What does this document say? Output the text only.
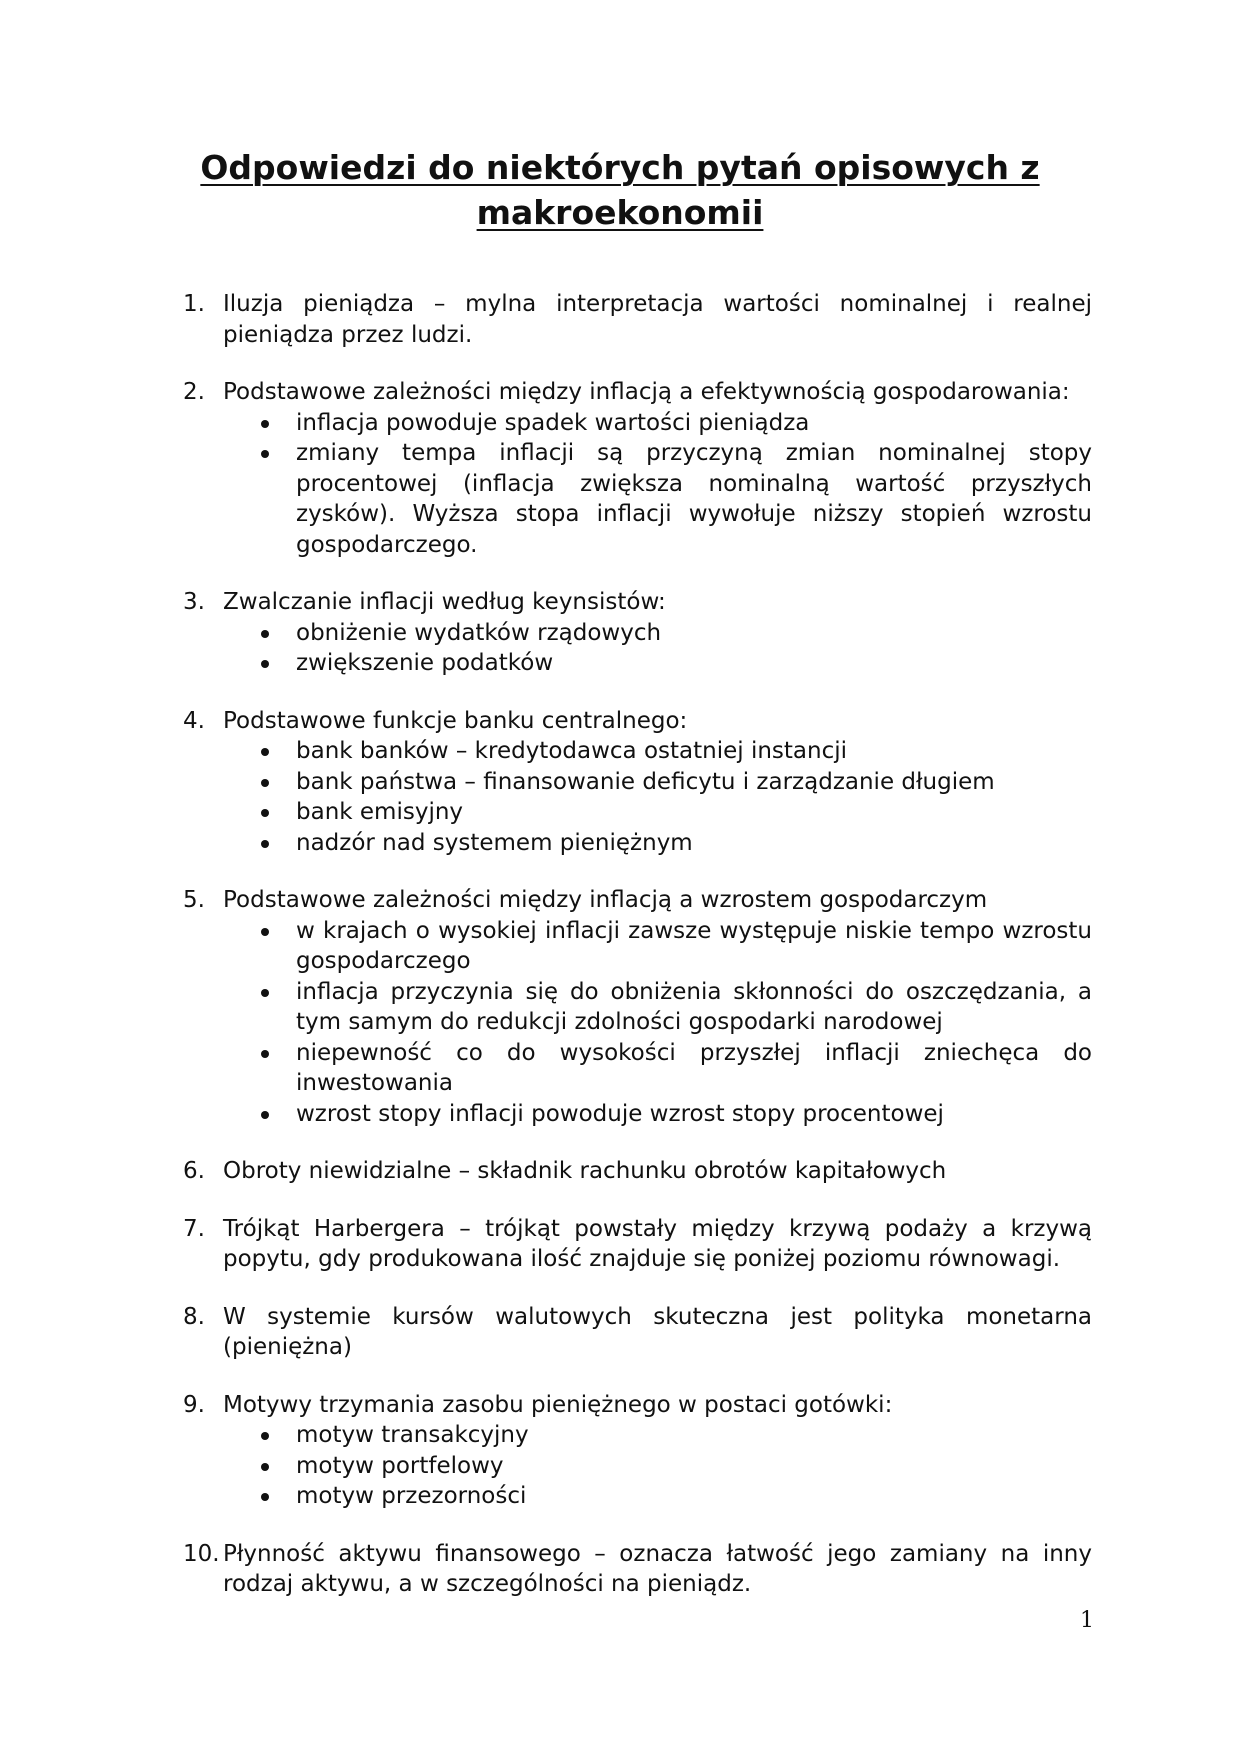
Odpowiedzi do niektórych pytań opisowych z
makroekonomii
1. Iluzja pieniądza – mylna interpretacja wartości nominalnej i realnej pieniądza przez ludzi.
2. Podstawowe zależności między inflacją a efektywnością gospodarowania:
inflacja powoduje spadek wartości pieniądza
zmiany tempa inflacji są przyczyną zmian nominalnej stopy procentowej (inflacja zwiększa nominalną wartość przyszłych zysków). Wyższa stopa inflacji wywołuje niższy stopień wzrostu gospodarczego.
3. Zwalczanie inflacji według keynsistów:
obniżenie wydatków rządowych
zwiększenie podatków
4. Podstawowe funkcje banku centralnego:
bank banków – kredytodawca ostatniej instancji
bank państwa – finansowanie deficytu i zarządzanie długiem
bank emisyjny
nadzór nad systemem pieniężnym
5. Podstawowe zależności między inflacją a wzrostem gospodarczym
w krajach o wysokiej inflacji zawsze występuje niskie tempo wzrostu gospodarczego
inflacja przyczynia się do obniżenia skłonności do oszczędzania, a tym samym do redukcji zdolności gospodarki narodowej
niepewność co do wysokości przyszłej inflacji zniechęca do inwestowania
wzrost stopy inflacji powoduje wzrost stopy procentowej
6. Obroty niewidzialne – składnik rachunku obrotów kapitałowych
7. Trójkąt Harbergera – trójkąt powstały między krzywą podaży a krzywą popytu, gdy produkowana ilość znajduje się poniżej poziomu równowagi.
8. W systemie kursów walutowych skuteczna jest polityka monetarna (pieniężna)
9. Motywy trzymania zasobu pieniężnego w postaci gotówki:
motyw transakcyjny
motyw portfelowy
motyw przezorności
10. Płynność aktywu finansowego – oznacza łatwość jego zamiany na inny rodzaj aktywu, a w szczególności na pieniądz.
1
